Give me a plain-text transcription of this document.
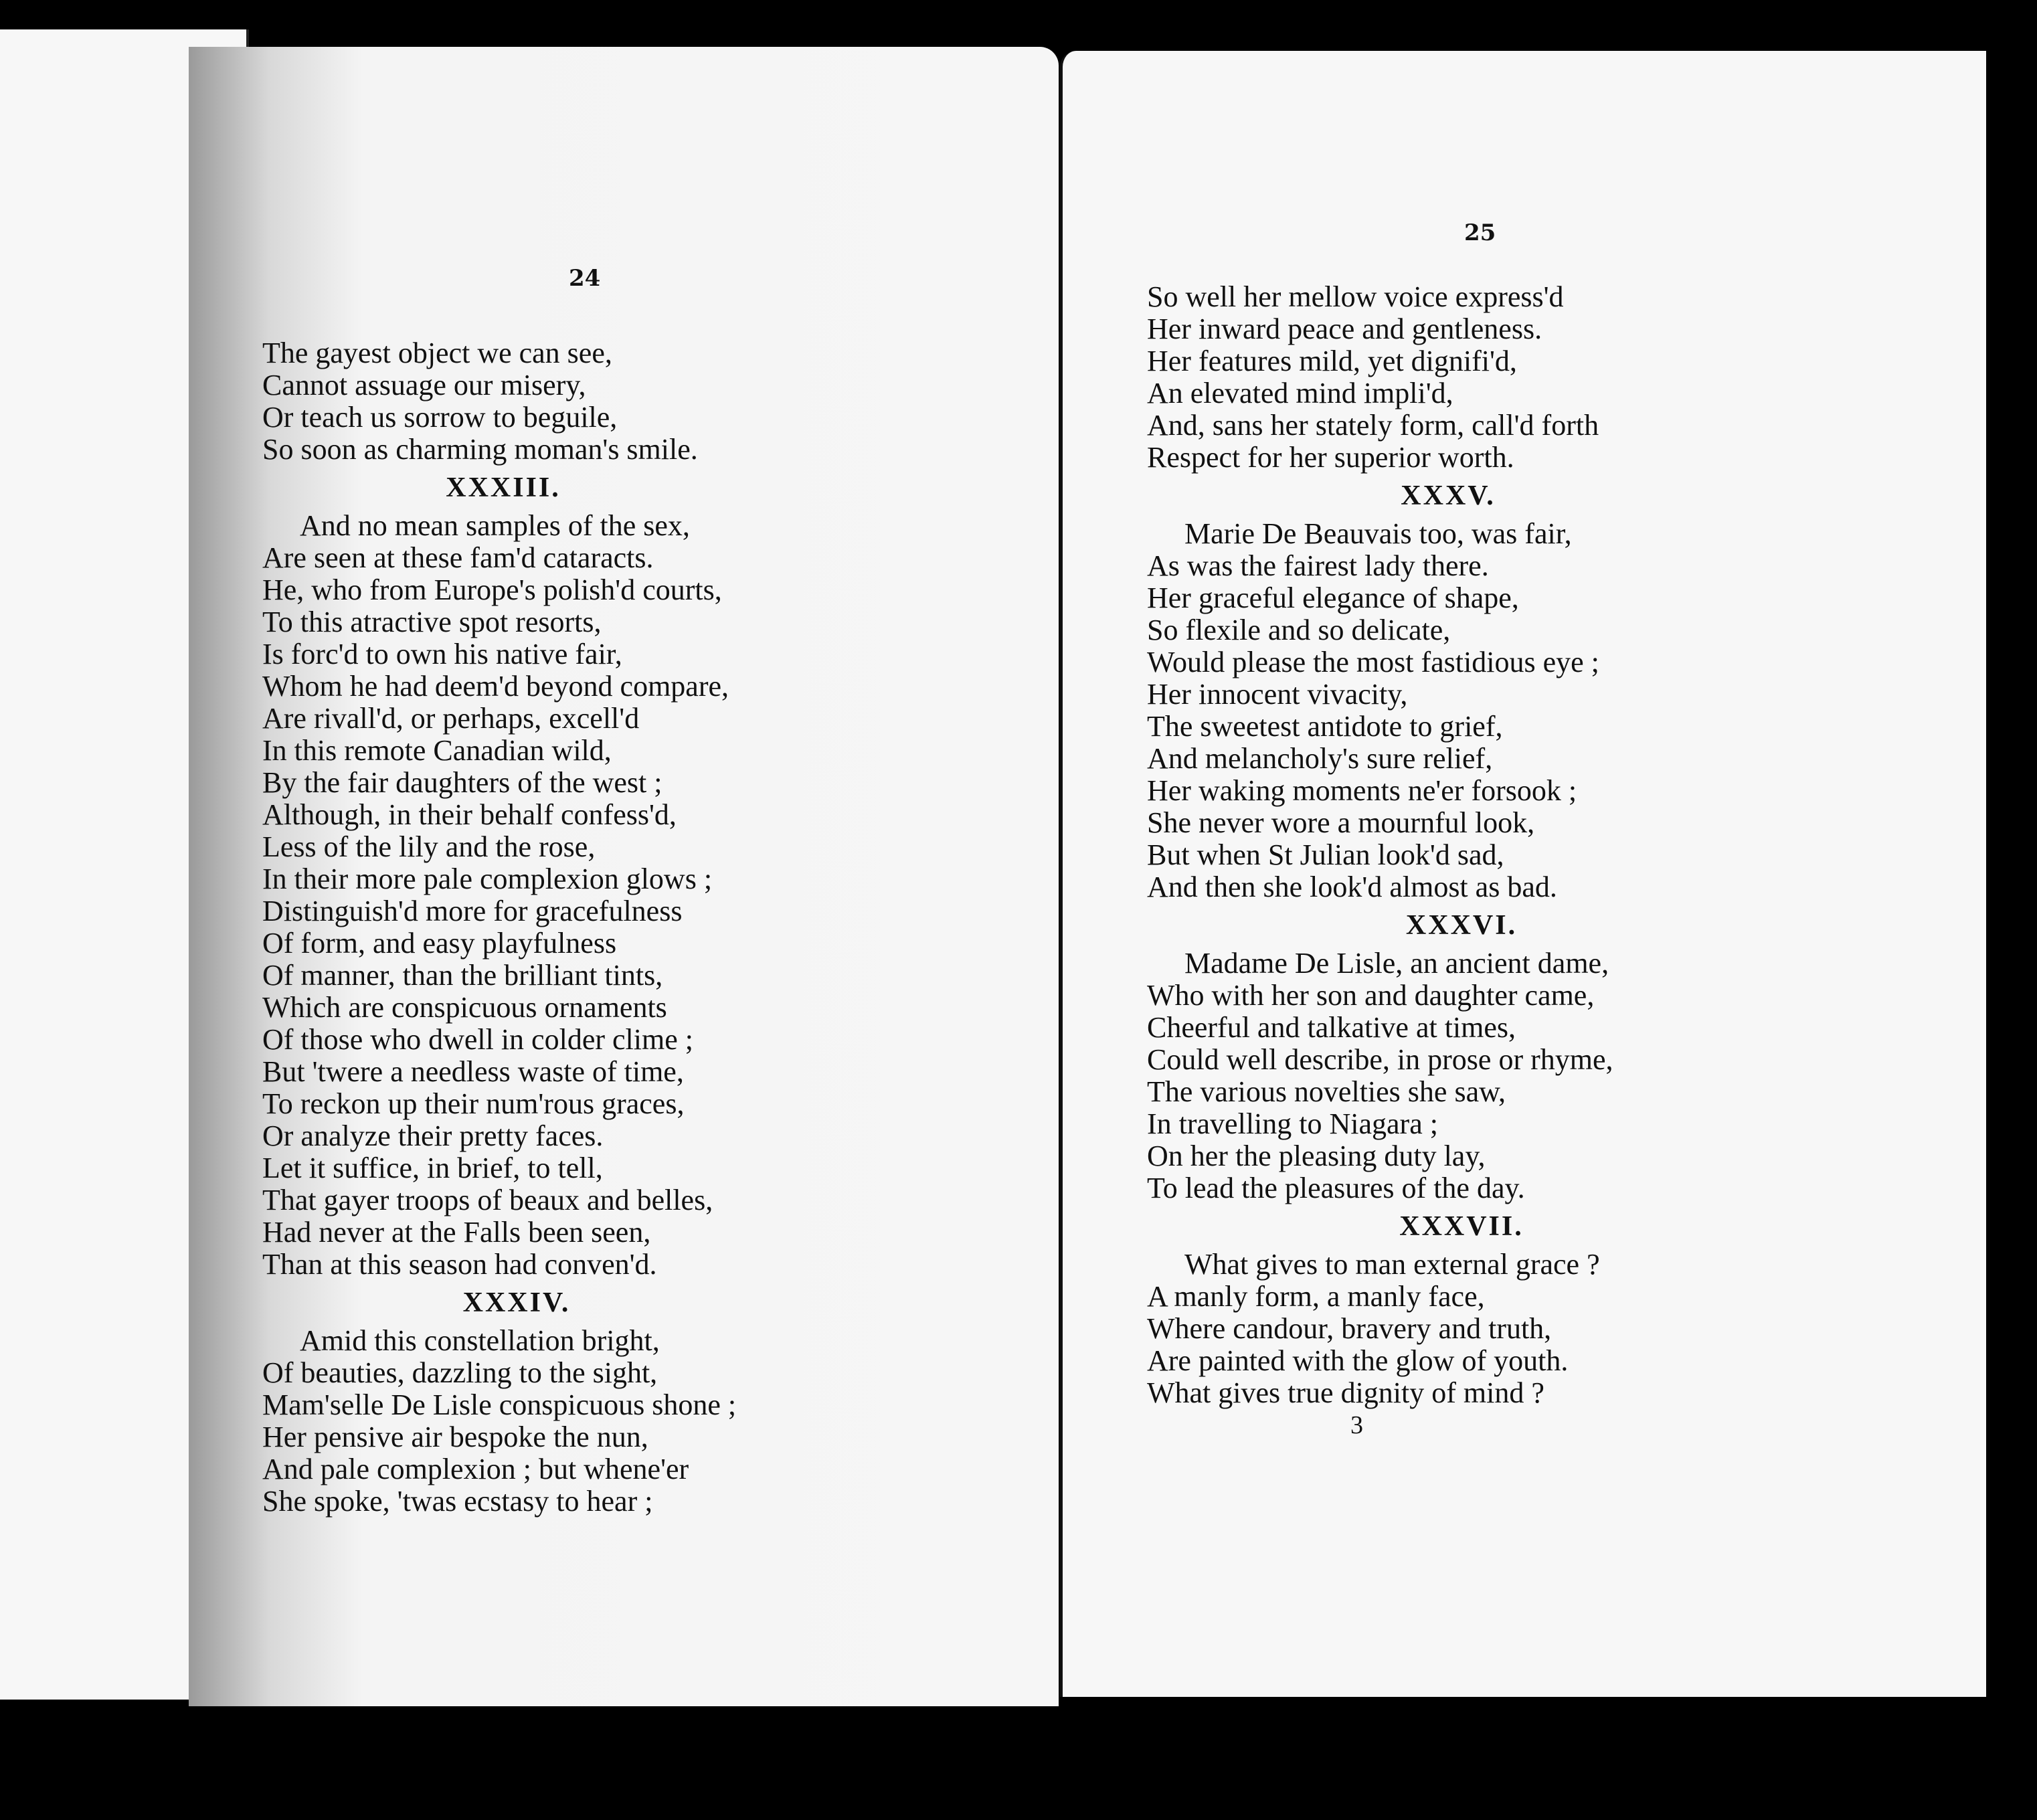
24
The gayest object we can see,
Cannot assuage our misery,
Or teach us sorrow to beguile,
So soon as charming moman's smile.
XXXIII.
And no mean samples of the sex,
Are seen at these fam'd cataracts.
He, who from Europe's polish'd courts,
To this atractive spot resorts,
Is forc'd to own his native fair,
Whom he had deem'd beyond compare,
Are rivall'd, or perhaps, excell'd
In this remote Canadian wild,
By the fair daughters of the west ;
Although, in their behalf confess'd,
Less of the lily and the rose,
In their more pale complexion glows ;
Distinguish'd more for gracefulness
Of form, and easy playfulness
Of manner, than the brilliant tints,
Which are conspicuous ornaments
Of those who dwell in colder clime ;
But 'twere a needless waste of time,
To reckon up their num'rous graces,
Or analyze their pretty faces.
Let it suffice, in brief, to tell,
That gayer troops of beaux and belles,
Had never at the Falls been seen,
Than at this season had conven'd.
XXXIV.
Amid this constellation bright,
Of beauties, dazzling to the sight,
Mam'selle De Lisle conspicuous shone ;
Her pensive air bespoke the nun,
And pale complexion ; but whene'er
She spoke, 'twas ecstasy to hear ;
25
So well her mellow voice express'd
Her inward peace and gentleness.
Her features mild, yet dignifi'd,
An elevated mind impli'd,
And, sans her stately form, call'd forth
Respect for her superior worth.
XXXV.
Marie De Beauvais too, was fair,
As was the fairest lady there.
Her graceful elegance of shape,
So flexile and so delicate,
Would please the most fastidious eye ;
Her innocent vivacity,
The sweetest antidote to grief,
And melancholy's sure relief,
Her waking moments ne'er forsook ;
She never wore a mournful look,
But when St Julian look'd sad,
And then she look'd almost as bad.
XXXVI.
Madame De Lisle, an ancient dame,
Who with her son and daughter came,
Cheerful and talkative at times,
Could well describe, in prose or rhyme,
The various novelties she saw,
In travelling to Niagara ;
On her the pleasing duty lay,
To lead the pleasures of the day.
XXXVII.
What gives to man external grace ?
A manly form, a manly face,
Where candour, bravery and truth,
Are painted with the glow of youth.
What gives true dignity of mind ?
3
